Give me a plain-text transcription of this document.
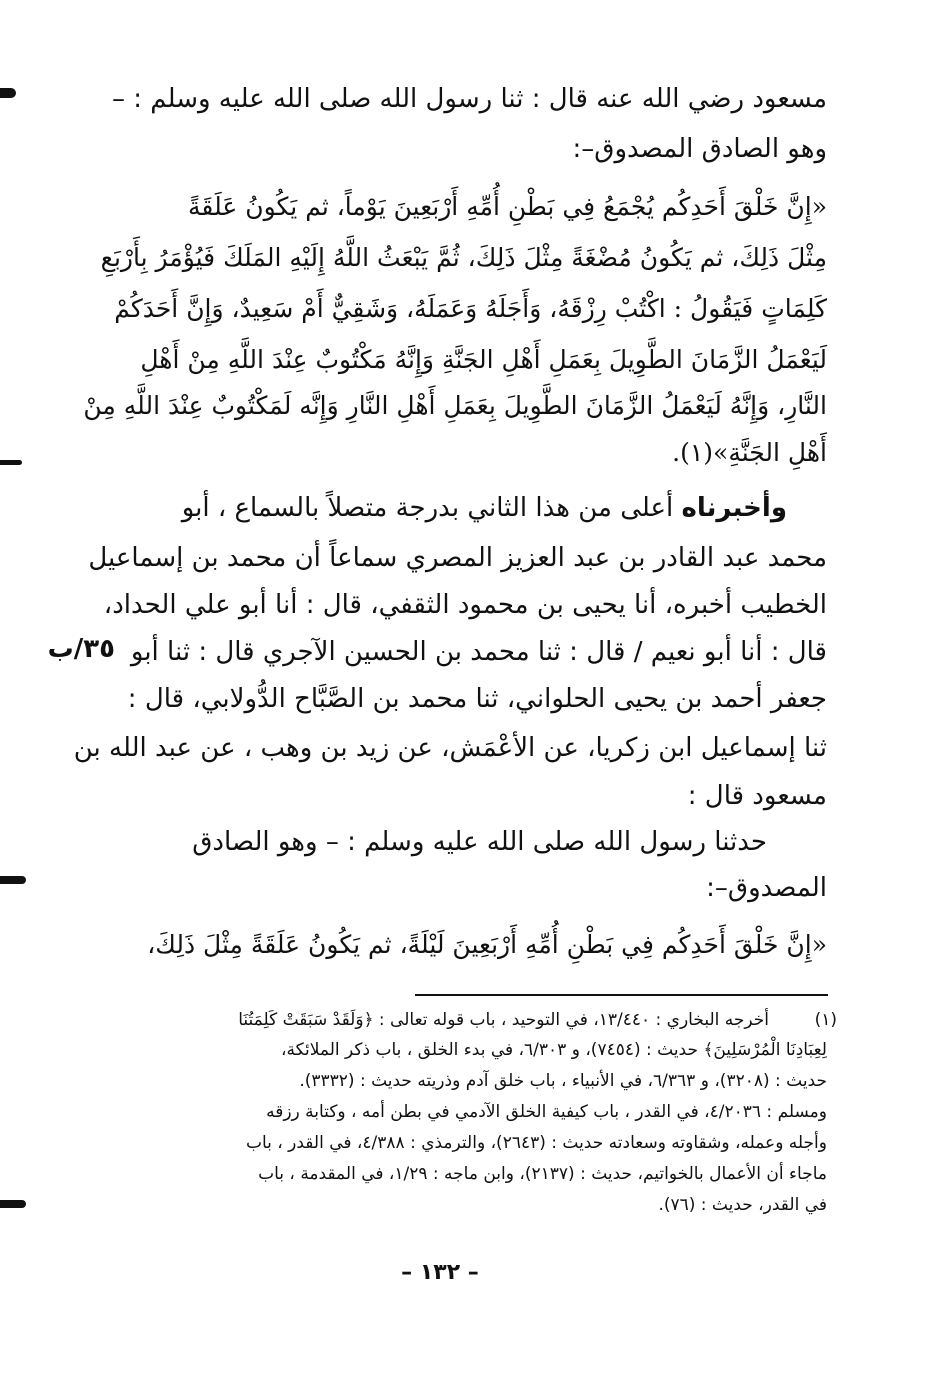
مسعود رضي الله عنه قال : ثنا رسول الله صلى الله عليه وسلم : –
وهو الصادق المصدوق–:
«إِنَّ خَلْقَ أَحَدِكُم يُجْمَعُ فِي بَطْنِ أُمِّهِ أَرْبَعِينَ يَوْماً، ثم يَكُونُ عَلَقَةً
مِثْلَ ذَلِكَ، ثم يَكُونُ مُضْغَةً مِثْلَ ذَلِكَ، ثُمَّ يَبْعَثُ اللَّهُ إِلَيْهِ المَلَكَ فَيُؤْمَرُ بِأَرْبَعِ
كَلِمَاتٍ فَيَقُولُ : اكْتُبْ رِزْقَهُ، وَأَجَلَهُ وَعَمَلَهُ، وَشَقِيٌّ أَمْ سَعِيدٌ، وَإِنَّ أَحَدَكُمْ
لَيَعْمَلُ الزَّمَانَ الطَّوِيلَ بِعَمَلِ أَهْلِ الجَنَّةِ وَإِنَّهُ مَكْتُوبٌ عِنْدَ اللَّهِ مِنْ أَهْلِ
النَّارِ، وَإِنَّهُ لَيَعْمَلُ الزَّمَانَ الطَّوِيلَ بِعَمَلِ أَهْلِ النَّارِ وَإِنَّه لَمَكْتُوبٌ عِنْدَ اللَّهِ مِنْ
أَهْلِ الجَنَّةِ»(١).
وأخبرناه أعلى من هذا الثاني بدرجة متصلاً بالسماع ، أبو
محمد عبد القادر بن عبد العزيز المصري سماعاً أن محمد بن إسماعيل
الخطيب أخبره، أنا يحيى بن محمود الثقفي، قال : أنا أبو علي الحداد،
قال : أنا أبو نعيم / قال : ثنا محمد بن الحسين الآجري قال : ثنا أبو
٣٥/ب
جعفر أحمد بن يحيى الحلواني، ثنا محمد بن الصَّبَّاح الدُّولابي، قال :
ثنا إسماعيل ابن زكريا، عن الأعْمَش، عن زيد بن وهب ، عن عبد الله بن
مسعود قال :
حدثنا رسول الله صلى الله عليه وسلم : – وهو الصادق
المصدوق–:
«إِنَّ خَلْقَ أَحَدِكُم فِي بَطْنِ أُمِّهِ أَرْبَعِينَ لَيْلَةً، ثم يَكُونُ عَلَقَةً مِثْلَ ذَلِكَ،
(١)
أخرجه البخاري : ١٣/٤٤٠، في التوحيد ، باب قوله تعالى : ﴿وَلَقَدْ سَبَقَتْ كَلِمَتُنَا
لِعِبَادِنَا الْمُرْسَلِينَ﴾ حديث : (٧٤٥٤)، و ٦/٣٠٣، في بدء الخلق ، باب ذكر الملائكة،
حديث : (٣٢٠٨)، و ٦/٣٦٣، في الأنبياء ، باب خلق آدم وذريته حديث : (٣٣٣٢).
ومسلم : ٤/٢٠٣٦، في القدر ، باب كيفية الخلق الآدمي في بطن أمه ، وكتابة رزقه
وأجله وعمله، وشقاوته وسعادته حديث : (٢٦٤٣)، والترمذي : ٤/٣٨٨، في القدر ، باب
ماجاء أن الأعمال بالخواتيم، حديث : (٢١٣٧)، وابن ماجه : ١/٢٩، في المقدمة ، باب
في القدر، حديث : (٧٦).
– ١٣٢ –
